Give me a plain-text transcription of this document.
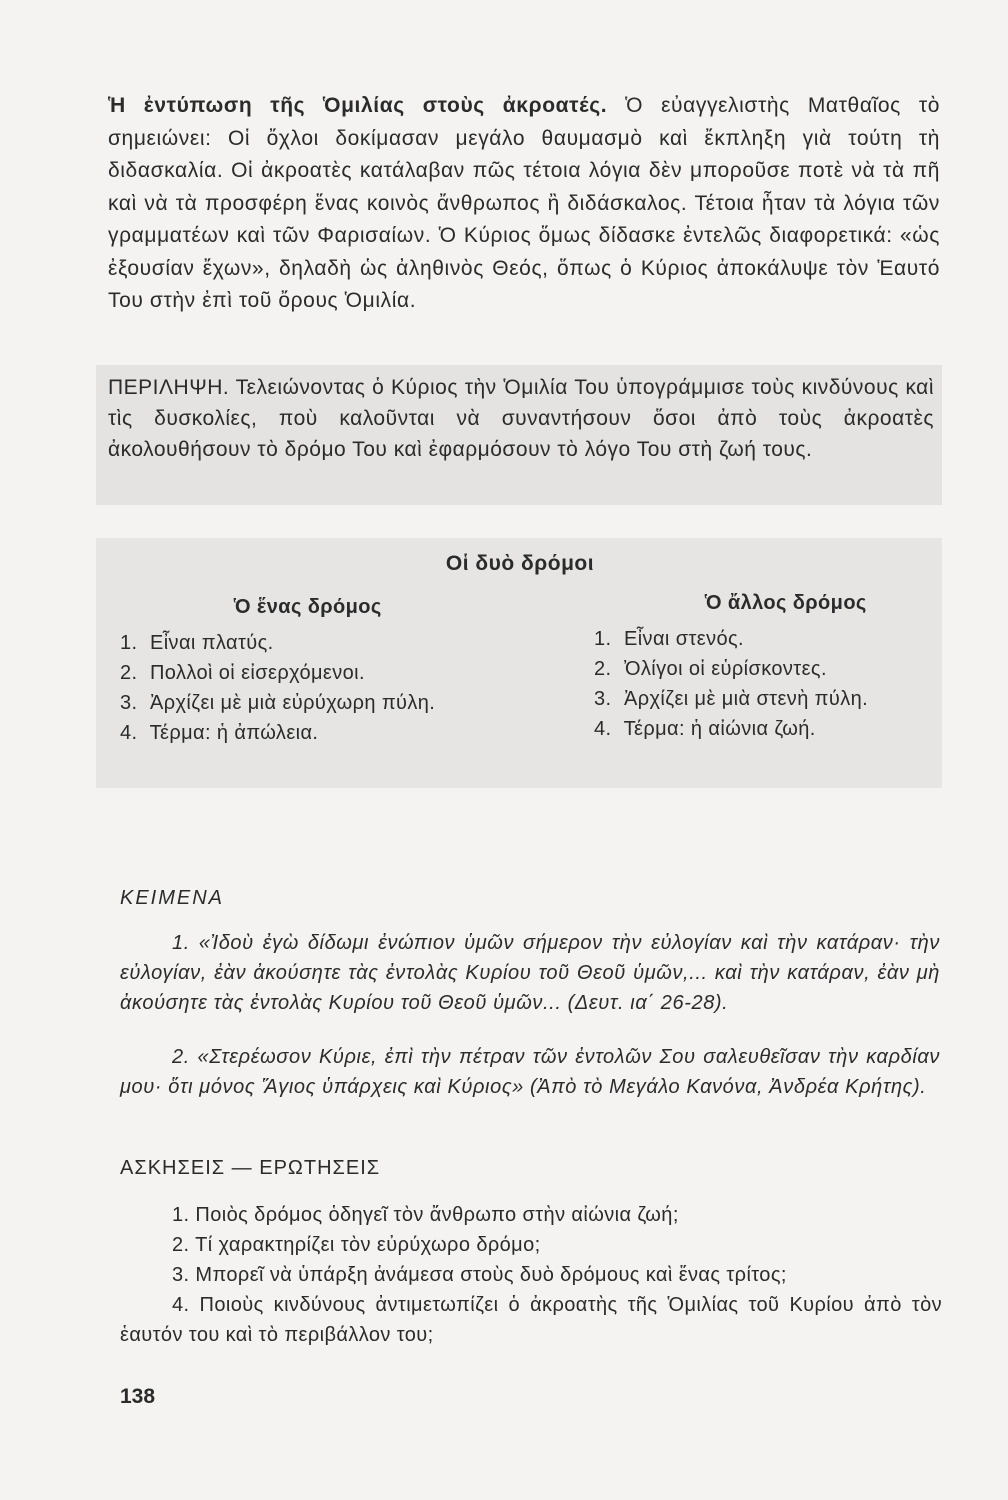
Ἡ ἐντύπωση τῆς Ὁμιλίας στοὺς ἀκροατές. Ὁ εὐαγγελιστὴς Ματθαῖος τὸ σημειώνει: Οἱ ὄχλοι δοκίμασαν μεγάλο θαυμασμὸ καὶ ἔκπληξη γιὰ τούτη τὴ διδασκαλία. Οἱ ἀκροατὲς κατάλαβαν πῶς τέτοια λόγια δὲν μποροῦσε ποτὲ νὰ τὰ πῆ καὶ νὰ τὰ προσφέρη ἕνας κοινὸς ἄνθρωπος ἢ διδάσκαλος. Τέτοια ἦταν τὰ λόγια τῶν γραμματέων καὶ τῶν Φαρισαίων. Ὁ Κύριος ὅμως δίδασκε ἐντελῶς διαφορετικά: «ὡς ἐξουσίαν ἔχων», δηλαδὴ ὡς ἀληθινὸς Θεός, ὅπως ὁ Κύριος ἀποκάλυψε τὸν Ἑαυτό Του στὴν ἐπὶ τοῦ ὄρους Ὁμιλία.

ΠΕΡΙΛΗΨΗ. Τελειώνοντας ὁ Κύριος τὴν Ὁμιλία Του ὑπογράμμισε τοὺς κινδύνους καὶ τὶς δυσκολίες, ποὺ καλοῦνται νὰ συναντήσουν ὅσοι ἀπὸ τοὺς ἀκροατὲς ἀκολουθήσουν τὸ δρόμο Του καὶ ἐφαρμόσουν τὸ λόγο Του στὴ ζωή τους.

Οἱ δυὸ δρόμοι
Ὁ ἕνας δρόμος
1. Εἶναι πλατύς.
2. Πολλοὶ οἱ εἰσερχόμενοι.
3. Ἀρχίζει μὲ μιὰ εὐρύχωρη πύλη.
4. Τέρμα: ἡ ἀπώλεια.
Ὁ ἄλλος δρόμος
1. Εἶναι στενός.
2. Ὀλίγοι οἱ εὑρίσκοντες.
3. Ἀρχίζει μὲ μιὰ στενὴ πύλη.
4. Τέρμα: ἡ αἰώνια ζωή.
ΚΕΙΜΕΝΑ

1. «Ἰδοὺ ἐγὼ δίδωμι ἐνώπιον ὑμῶν σήμερον τὴν εὐλογίαν καὶ τὴν κατάραν· τὴν εὐλογίαν, ἐὰν ἀκούσητε τὰς ἐντολὰς Κυρίου τοῦ Θεοῦ ὑμῶν,... καὶ τὴν κατάραν, ἐὰν μὴ ἀκούσητε τὰς ἐντολὰς Κυρίου τοῦ Θεοῦ ὑμῶν... (Δευτ. ια΄ 26-28).

2. «Στερέωσον Κύριε, ἐπὶ τὴν πέτραν τῶν ἐντολῶν Σου σαλευθεῖσαν τὴν καρδίαν μου· ὅτι μόνος Ἅγιος ὑπάρχεις καὶ Κύριος» (Ἀπὸ τὸ Μεγάλο Κανόνα, Ἀνδρέα Κρήτης).

ΑΣΚΗΣΕΙΣ — ΕΡΩΤΗΣΕΙΣ
1. Ποιὸς δρόμος ὁδηγεῖ τὸν ἄνθρωπο στὴν αἰώνια ζωή;
2. Τί χαρακτηρίζει τὸν εὐρύχωρο δρόμο;
3. Μπορεῖ νὰ ὑπάρξη ἀνάμεσα στοὺς δυὸ δρόμους καὶ ἕνας τρίτος;
4. Ποιοὺς κινδύνους ἀντιμετωπίζει ὁ ἀκροατὴς τῆς Ὁμιλίας τοῦ Κυρίου ἀπὸ τὸν ἑαυτόν του καὶ τὸ περιβάλλον του;
138
